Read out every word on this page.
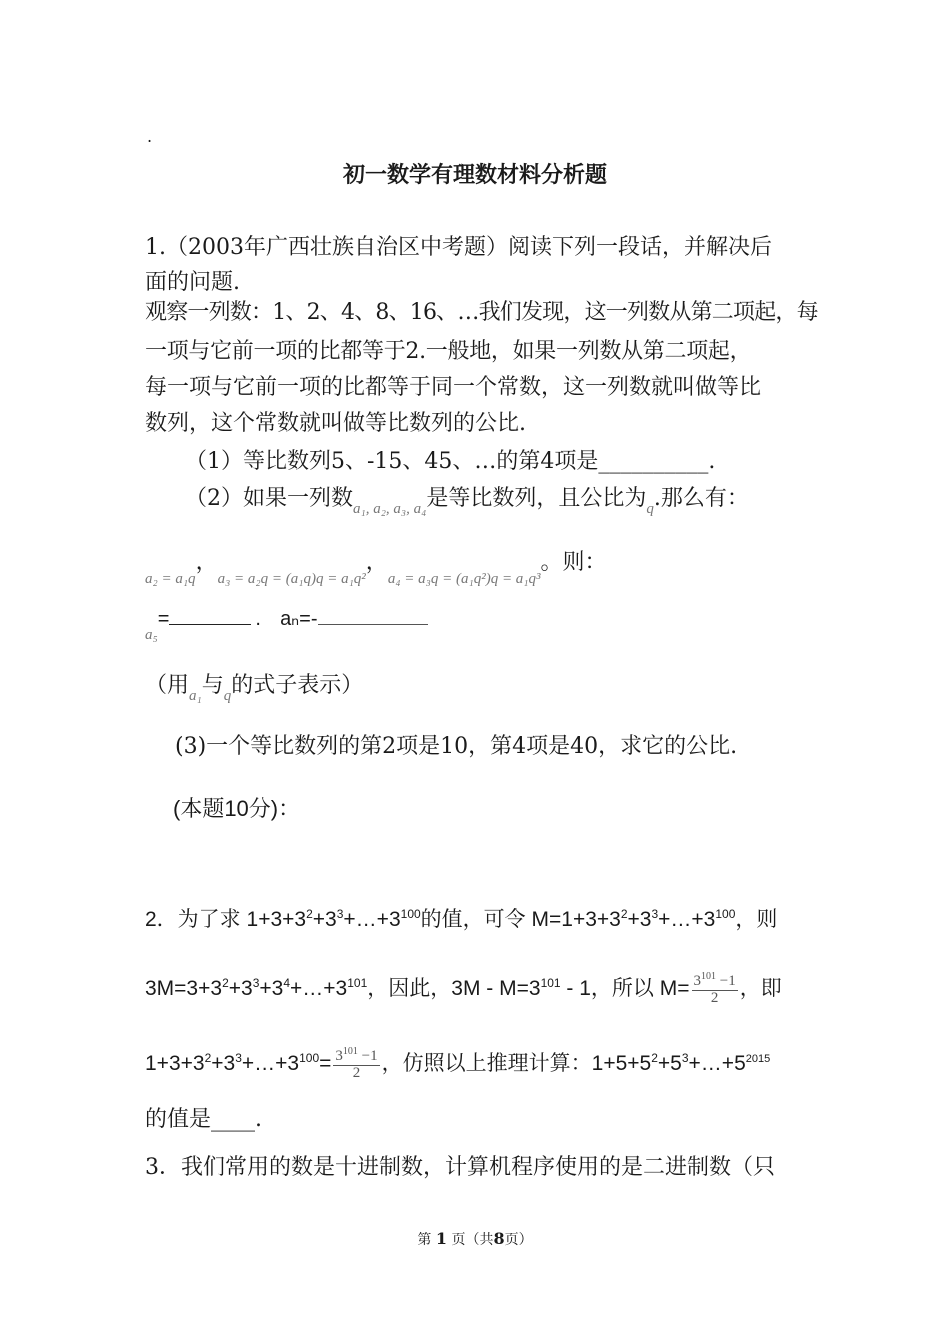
.
初一数学有理数材料分析题
1.（2003年广西壮族自治区中考题）阅读下列一段话，并解决后
面的问题.
观察一列数：1、2、4、8、16、…我们发现，这一列数从第二项起，每
一项与它前一项的比都等于2.一般地，如果一列数从第二项起，
每一项与它前一项的比都等于同一个常数，这一列数就叫做等比
数列，这个常数就叫做等比数列的公比.
（1）等比数列5、-15、45、…的第4项是__________.
（2）如果一列数$_{a_1, a_2, a_3, a_4}$是等比数列，且公比为$_q$.那么有：
a₂ = a₁q，a₃ = a₂q = (a₁q)q = a₁q²，a₄ = a₃q = (a₁q²)q = a₁q³。则：
a₅=	. aₙ=-
（用$_{a_1}$与$_q$的式子表示）
(3)一个等比数列的第2项是10，第4项是40，求它的公比.
(本题10分)：
2．为了求 $1+3+3^2+3^3+\dots+3^{100}$的值，可令 $M=1+3+3^2+3^3+\dots+3^{100}$，则
$3M=3+3^2+3^3+3^4+\dots+3^{101}$，因此，$3M - M=3^{101} - 1$，所以 $M= \frac{3^{101} -1}{2}$ ，即
$1+3+3^2+3^3+\dots+3^{100}= \frac{3^{101} -1}{2}$ ，仿照以上推理计算：$1+5+5^2+5^3+\dots+5^{2015}$
的值是____.
3．我们常用的数是十进制数，计算机程序使用的是二进制数（只
第 1 页（共8页）
